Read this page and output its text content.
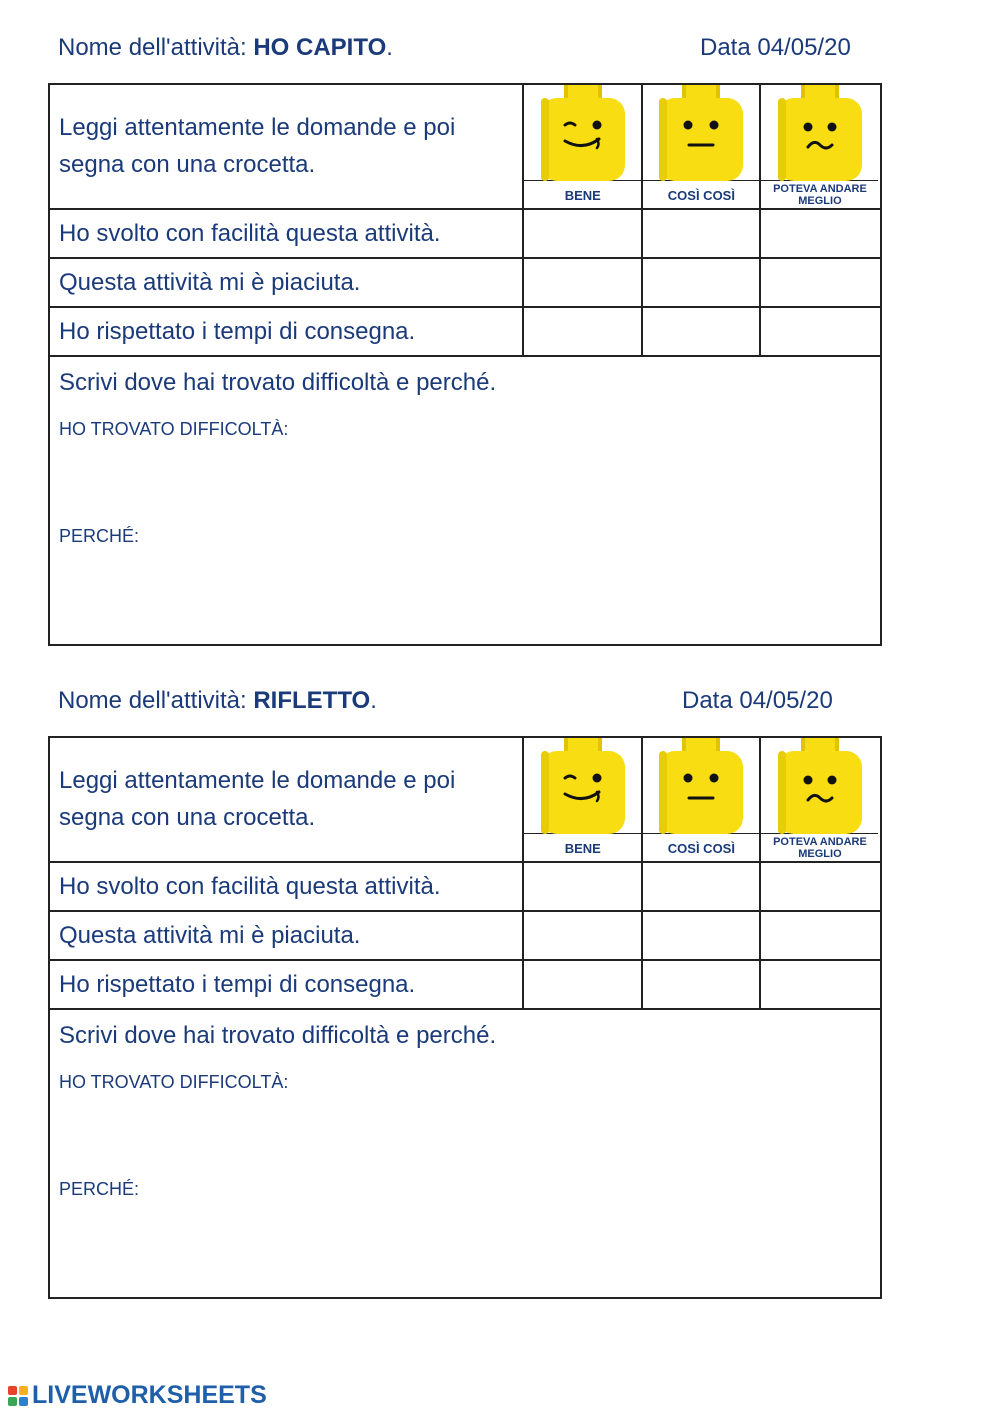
Nome dell'attività: HO CAPITO.	Data 04/05/20
Leggi attentamente le domande e poi
segna con una crocetta.
BENE	COSÌ COSÌ	POTEVA ANDARE MEGLIO
Ho svolto con facilità questa attività.
Questa attività mi è piaciuta.
Ho rispettato i tempi di consegna.
Scrivi dove hai trovato difficoltà e perché.
HO TROVATO DIFFICOLTÀ:
PERCHÉ:
Nome dell'attività: RIFLETTO.	Data 04/05/20
Leggi attentamente le domande e poi
segna con una crocetta.
BENE	COSÌ COSÌ	POTEVA ANDARE MEGLIO
Ho svolto con facilità questa attività.
Questa attività mi è piaciuta.
Ho rispettato i tempi di consegna.
Scrivi dove hai trovato difficoltà e perché.
HO TROVATO DIFFICOLTÀ:
PERCHÉ:
LIVEWORKSHEETS
